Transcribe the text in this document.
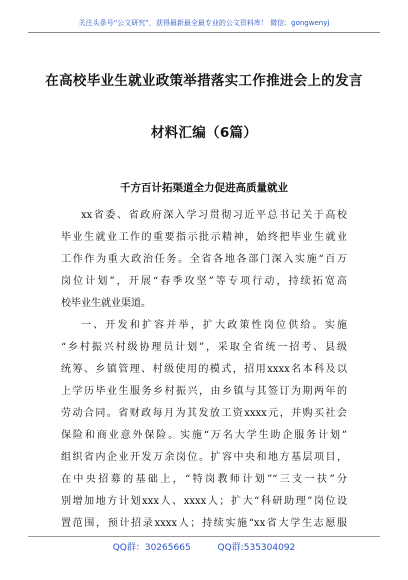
关注头条号“公文研究”，获得最新最全最专业的公文资料库！ 微信：gongwenyj
在高校毕业生就业政策举措落实工作推进会上的发言
材料汇编（6篇）
千方百计拓渠道全力促进高质量就业
xx省委、省政府深入学习贯彻习近平总书记关于高校
毕业生就业工作的重要指示批示精神，始终把毕业生就业
工作作为重大政治任务。全省各地各部门深入实施“百万
岗位计划”，开展“春季攻坚”等专项行动，持续拓宽高
校毕业生就业渠道。
一、开发和扩容并举，扩大政策性岗位供给。实施
“乡村振兴村级协理员计划”，采取全省统一招考、县级
统筹、乡镇管理、村级使用的模式，招用xxxx名本科及以
上学历毕业生服务乡村振兴，由乡镇与其签订为期两年的
劳动合同。省财政每月为其发放工资xxxx元，并购买社会
保险和商业意外保险。实施“万名大学生助企服务计划”
组织省内企业开发万余岗位。扩容中央和地方基层项目，
在中央招募的基础上，“特岗教师计划”“三支一扶”分
别增加地方计划xxx人、xxxx人；扩大“科研助理”岗位设
置范围，预计招录xxxx人；持续实施“xx省大学生志愿服
QQ群：30265665	QQ群:535304092
